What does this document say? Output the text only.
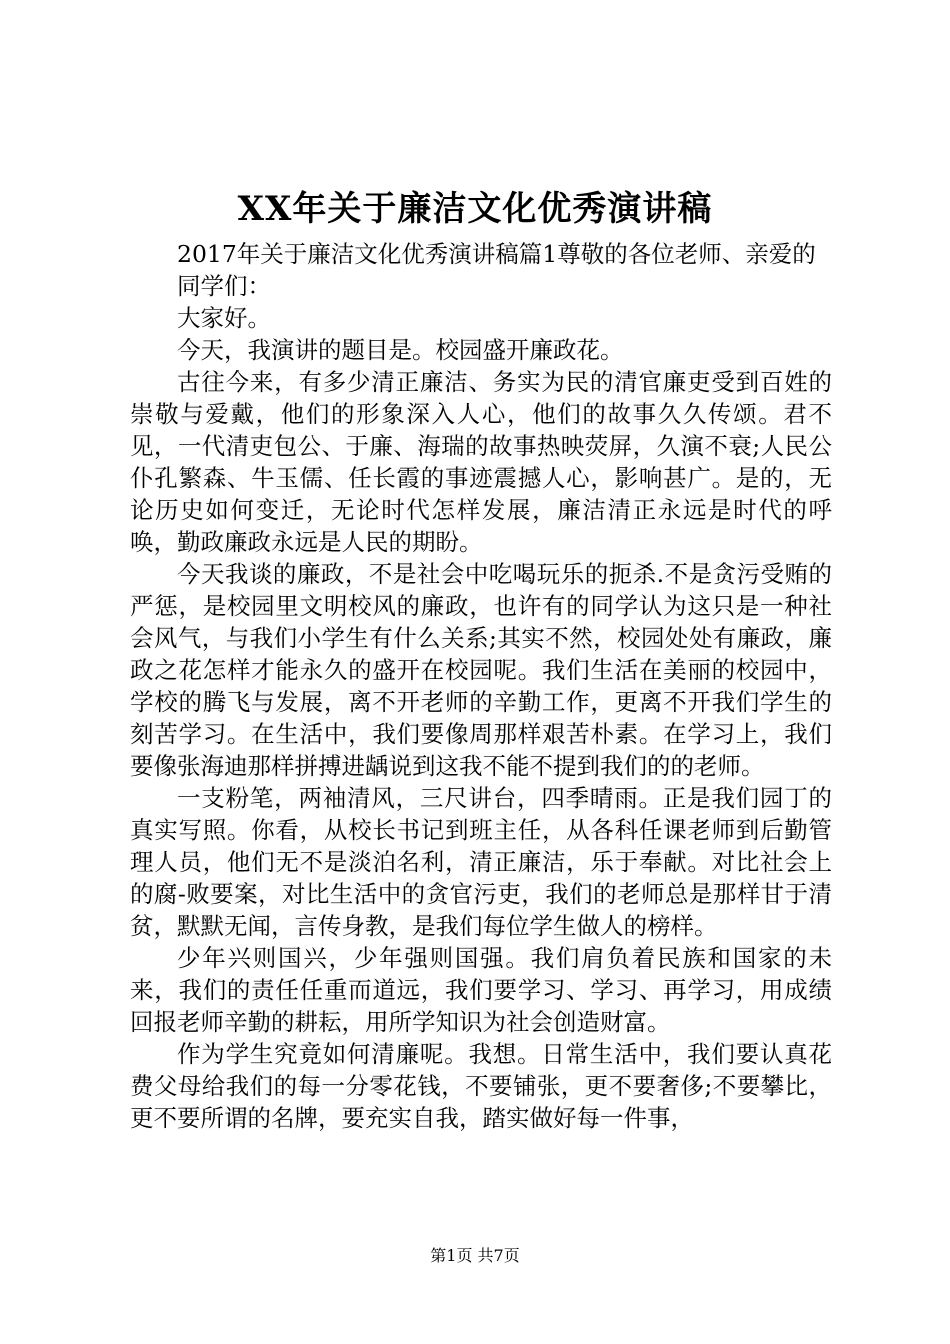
XX年关于廉洁文化优秀演讲稿

2017年关于廉洁文化优秀演讲稿篇1尊敬的各位老师、亲爱的

同学们：

大家好。

今天，我演讲的题目是。校园盛开廉政花。

古往今来，有多少清正廉洁、务实为民的清官廉吏受到百姓的崇敬与爱戴，他们的形象深入人心，他们的故事久久传颂。君不见，一代清吏包公、于廉、海瑞的故事热映荧屏，久演不衰;人民公仆孔繁森、牛玉儒、任长霞的事迹震撼人心，影响甚广。是的，无论历史如何变迁，无论时代怎样发展，廉洁清正永远是时代的呼唤，勤政廉政永远是人民的期盼。

今天我谈的廉政，不是社会中吃喝玩乐的扼杀.不是贪污受贿的严惩，是校园里文明校风的廉政，也许有的同学认为这只是一种社会风气，与我们小学生有什么关系;其实不然，校园处处有廉政，廉政之花怎样才能永久的盛开在校园呢。我们生活在美丽的校园中，学校的腾飞与发展，离不开老师的辛勤工作，更离不开我们学生的刻苦学习。在生活中，我们要像周那样艰苦朴素。在学习上，我们要像张海迪那样拼搏进龋说到这我不能不提到我们的的老师。

一支粉笔，两袖清风，三尺讲台，四季晴雨。正是我们园丁的真实写照。你看，从校长书记到班主任，从各科任课老师到后勤管理人员，他们无不是淡泊名利，清正廉洁，乐于奉献。对比社会上的腐-败要案，对比生活中的贪官污吏，我们的老师总是那样甘于清贫，默默无闻，言传身教，是我们每位学生做人的榜样。

少年兴则国兴，少年强则国强。我们肩负着民族和国家的未来，我们的责任任重而道远，我们要学习、学习、再学习，用成绩回报老师辛勤的耕耘，用所学知识为社会创造财富。

作为学生究竟如何清廉呢。我想。日常生活中，我们要认真花费父母给我们的每一分零花钱，不要铺张，更不要奢侈;不要攀比，更不要所谓的名牌，要充实自我，踏实做好每一件事，

第1页 共7页
